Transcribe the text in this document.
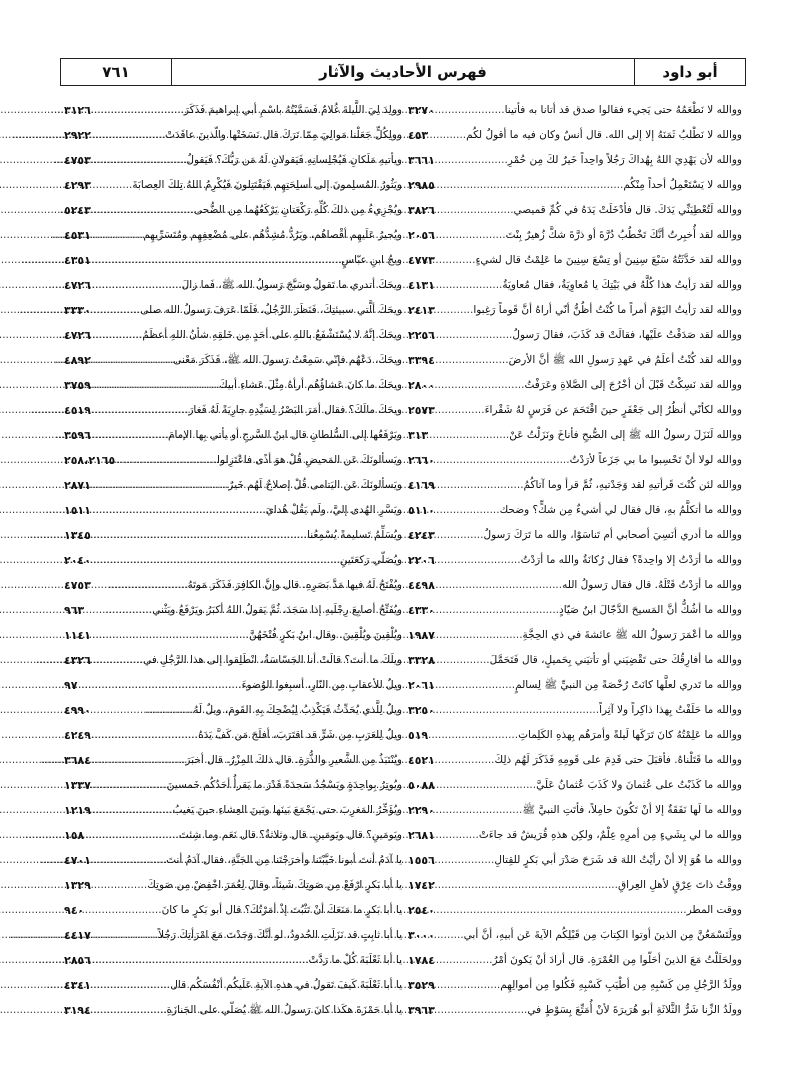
أبو داود
فهرس الأحاديث والآثار
٧٦١
ووالله لا نَطْعَمُهُ حتى يَجيء فقالوا صدق قد أتانا به فأتينا
.....
٣٢٧٠
ووالله لا نَطْلبُ ثَمَنَهُ إلا إلى الله. قال أنسٌ وكان فيه ما أقولُ لكُم
.....
٤٥٣
ووالله لأن يَهْدِيَ اللهُ بِهُداكَ رَجُلاً واحِداً خَيرٌ لكَ مِن حُمْرِ
.....
٣٦٦١
ووالله لا يَسْتَعْمِلُ أحداً مِنْكُم
.....
٢٩٨٥
ووالله لَتُعْطِيَنِّي يَدَكَ. قال فأدْخَلَتْ يَدَهُ في كُمِّ قميصي
.....
٣٨٢٦
ووالله لقد أُخبِرتُ أنَّكَ تَخْطُبُ دُرَّةَ أو ذرَّةَ شكَّ زُهيرٌ بِنْتَ
.....
٢٠٥٦
ووالله لقد حَدَّثَتُهُ سَبْعَ سِنِينَ أو تِسْعَ سِنِينَ ما عَلِمْتُ قال لشيءٍ
.....
٤٧٧٣
ووالله لقد رَأيتُ هذا كُلَّهُ في بَيْتِكَ يا مُعاوِيَةُ، فقال مُعاويَةُ
.....
٤١٣١
ووالله لقد رَأيتُ اليَوْمَ أمراً ما كُنْتُ أظُنُّ أنّي أراهُ أنَّ قَوماً رَغِبوا
.....
٢٤١٣
ووالله لقد صَدَقْتُ علَيْها، فقالَتْ قد كَذَبَ، فقالَ رَسولُ
.....
٢٢٥٦
ووالله لقد كُنْتُ أعلَمُ في عَهدِ رَسولِ الله ﷺ أنَّ الأرضَ
.....
٣٣٩٤
ووالله لقد نَسِكْتُ قَبْلَ أن أخْرُجَ إلى الصَّلاةِ وعَرَفْتُ
.....
٢٨٠٠
ووالله لكأنّي أنظُرُ إلى جَعْفَرٍ حينَ اقْتَحَمَ عن فَرَسٍ لهُ شَقْراءَ
.....
٢٥٧٣
ووالله لَنَزَلَ رسولُ الله ﷺ إلى الصُّبحِ فأناخَ ونَزَلْتُ عَنْ
.....
٣١٣
ووالله لولا أنْ تَحْسِبوا ما بي جَزَعاً لأرَدْتُ
.....
٢٦٦٠
ووالله لئن كُنْتَ قَرأتيهِ لقد وَجَدْتيهِ، ثُمَّ قرأ وما آتاكُمُ
.....
٤١٦٩
ووالله ما أتكلَّمُ بهِ، قال فقال لي أشيءٌ مِن شكٍّ؟ وضحك
.....
٥١١٠
ووالله ما أدري أنَسِيَ أصحابي أم تَناسَوْا، والله ما تَرَكَ رَسولُ
.....
٤٢٤٣
ووالله ما أرَدْتُ إلا واحِدةً؟ فقال رُكانَةُ والله ما أرَدْتُ
.....
٢٢٠٦
ووالله ما أرَدْتُ قَتْلَهُ. قال فقال رَسولُ الله
.....
٤٤٩٨
ووالله ما أشُكُّ أنَّ المَسيحَ الدَّجّالَ ابنُ صَيّادٍ
.....
٤٣٣٠
ووالله ما أعْمَرَ رَسولُ الله ﷺ عائشةَ في ذي الحِجَّةِ
.....
١٩٨٧
ووالله ما أفارِقُكَ حتى تَقْضِيَني أو تأتيَني بِحَميلٍ، قال فَتَحَمَّلَ
.....
٣٣٢٨
ووالله ما تَدري لعلَّها كانَتْ رُخْصَةً مِن النبيِّ ﷺ لِسالمٍ
.....
٢٠٦١
ووالله ما حَلَفْتُ بِهذا ذاكِراً ولا آثِراً
.....
٣٢٥٠
ووالله ما عَلِمْتُهُ كانَ تَرَكَها لَيلةً وأمرَهُم بِهذهِ الكَلِماتِ
.....
٥١٩
ووالله ما قَتَلْناهُ. فأقبَلَ حتى قَدِمَ على قَومِهِ فَذَكَرَ لَهُم ذلِكَ
.....
٤٥٢١
ووالله ما كَذَبْتُ على عُثمانَ ولا كَذَبَ عُثمانُ عَلَيَّ
.....
٥٠٨٨
ووالله ما لَها نَفَقَةٌ إلا أنْ تَكُونَ حامِلاً، فأتَتِ النبيَّ ﷺ
.....
٢٢٩٠
ووالله ما لي بِشَيءٍ مِن أمرِهِ عِلْمٌ، ولكِن هذهِ قُرَيشٌ قد جاءَتْ
.....
٢٦٨١
ووالله ما هُوَ إلا أنْ رأيْتُ اللهَ قد شَرَحَ صَدْرَ أبي بَكرٍ للقِتالِ
.....
١٥٥٦
ووقْتُ ذاتَ عِرْقٍ لأهلِ العِراقِ
.....
١٧٤٢
ووقت المطر
.....
٢٥٤٠
وولَتَسْمَعُنَّ مِن الذينَ أوتوا الكِتابَ مِن قَبْلِكُم الآيةَ عَن أبيهِ، أنَّ أبي
.....
٣٠٠٠
وولحَلَلْتُ مَعَ الذينَ أحَلّوا مِن العُمْرَةِ. قال أرادَ أنْ يَكونَ أمْرُ
.....
١٧٨٤
وولَدُ الرَّجُلِ مِن كَسْبِهِ مِن أطْيَبِ كَسْبِهِ فَكُلوا مِن أموالِهِم
.....
٣٥٢٩
وولَدُ الزِّنا شَرُّ الثَّلاثَةِ أبو هُرَيرَةَ لأنْ أُمَتِّعَ بِسَوْطٍ في
.....
٣٩٦٣
وولِدَ لِيَ اللَّيلةَ غُلامٌ فَسَمَّيْتُهُ باسْمِ أبي إبراهيمَ فَذَكَرَ
.....
٣١٢٦
وولِكُلٍّ جَعَلْنا مَوالِيَ مِمّا تَرَكَ قال نَسَخَتْها والّذينَ عاقَدَتْ
.....
٢٩٢٢
ويأتيهِ مَلَكانِ فَيُجْلِسانِهِ فَيَقولانِ لَهُ مَن رَبُّكَ؟ فَيَقولُ
.....
٤٧٥٣
ويَثُورُ المُسلِمونَ إلى أسلِحَتِهِم فَيَقْتَتِلونَ فَيُكْرِمُ اللهُ تِلكَ العِصابَةَ
.....
٤٢٩٣
ويُجْزِيءُ مِن ذلكَ كُلِّهِ رَكْعَتانِ يَرْكَعُهُما مِن الضُّحى
.....
٥٢٤٣
ويُجيرُ عَلَيهِم أقْصاهُم، ويَرُدُّ مُشِدُّهُم على مُضْعِفِهِم ومُتَسَرِّيهِم
.....
٤٥٣١
ويحُ ابنِ عبّاسٍ
.....
٤٣٥١
ويحَكَ أتدري ما تَقولُ وسَبَّحَ رَسولُ الله ﷺ، فَما زالَ
.....
٤٧٢٦
ويحَكَ ألَّتي سبيئتِكَ، فَنَظَرَ الرَّجُلُ، فَلَمّا عَرَفَ رَسولُ الله صلى
.....
٣٣٣٠
ويحَكَ إنَّهُ لا يُسْتَشْفَعُ باللهِ على أحَدٍ مِن خَلقِهِ شأنُ اللهِ أعظَمُ
.....
٤٧٢٦
ويحَكَ، دَعْهُم فإنّي سَمِعْتُ رَسولَ الله ﷺ، فَذَكَرَ مَعْنى
.....
٤٨٩٢
ويحَكَ ما كانَ عَشاؤُهُم أرأهُ مِثْلَ عَشاءِ أبيكَ
.....
٣٧٥٩
ويحَكَ مالَكَ؟ فقال أمَرَ البَصْرُ لِسَيِّدِهِ جارِيَةً لَهُ فَغارَ
.....
٤٥١٩
ويَرْفَعُها إلى السُّلطانِ قال ابنُ السَّرحِ أو يأتي بِها الإمامَ
.....
٣٥٩٦
ويَسألونَكَ عَن المَحيضِ قُلْ هوَ أذًى فاعْتَزِلوا
.....
٢٥٨،٢١٦٥
ويَسألونَكَ عَن اليَتامى قُلْ إصلاحٌ لَهُم خَيرٌ
.....
٢٨٧١
ويَسَّرِ الهُدى إليَّ، ولَم يَقُلْ هُدايَ
.....
١٥١١
ويُسَلِّمُ تَسليمةً يُسْمِعُنا
.....
١٣٤٥
ويُصَلّي رَكعَتَينِ
.....
٢٠٤٠
ويُفْتَحُ لَهُ فيها مَدَّ بَصَرِهِ. قال وإنَّ الكافِرَ فَذَكَرَ مَوتَهُ
.....
٤٧٥٣
ويُفَتِّحُ أصابِعَ رِجْلَيهِ إذا سَجَدَ، ثُمَّ يَقولُ اللهُ أكبَرُ ويَرْفَعُ ويَثْني
.....
٩٦٣
ويُلْقِينَ ويُلْقِينَ. وقال ابنُ بَكرٍ فُتْخَهُنَّ
.....
١١٤١
ويلَكَ ما أنتَ؟ قالَتْ أنا الجَسّاسَةُ، انْطَلِقوا إلى هذا الرَّجُلِ في
.....
٤٣٢٦
ويلٌ للأعقابِ مِن النّارِ، أسبِغوا الوُضوءَ
.....
٩٧
ويلٌ لِلَّذي يُحَدِّثُ فَيَكْذِبُ لِيُضْحِكَ بِهِ القَومَ، ويلٌ لَهُ
.....
٤٩٩٠
ويلٌ لِلعَرَبِ مِن شَرٍّ قد اقتَرَبَ، أفلَحَ مَن كَفَّ يَدَهُ
.....
٤٢٤٩
ويُنْتَبَذُ مِن الشَّعيرِ والذُّرَةِ. قال ذلكَ المِزْرُ. قال أخبَرَ
.....
٣٦٨٤
ويُوتِرُ بِواحِدَةٍ ويَسْجُدُ سَجدَةً قَدْرَ ما يَقرأُ أحَدُكُم خَمسينَ
.....
١٣٣٧
ويُؤَخِّرُ المَغرِبَ حتى يَجْمَعَ بَينَها وبَينَ العِشاءِ حينَ يَغيبُ
.....
١٢١٩
ويَومَينِ؟ قال ويَومَينِ. قال وثلاثةٌ؟ قال نَعَم وما شِئتَ
.....
١٥٨
يا آدَمُ أنتَ أبونا خَيَّبْتَنا وأخرَجْتَنا مِن الجَنَّةِ، فقال آدَمُ أنتَ
.....
٤٧٠١
يا أبا بَكرٍ ارْفَعْ مِن صَوتِكَ شَيئاً، وقالَ لِعُمَرَ اخْفِضْ مِن صَوتِكَ
.....
١٣٢٩
يا أبا بَكرٍ ما مَنَعَكَ أنْ تَثْبُتَ إذْ أمَرْتُكَ؟ قال أبو بَكرٍ ما كانَ
.....
٩٤٠
يا أبا ثابِتٍ قد نَزَلَتِ الحُدودُ، لو أنَّكَ وَجَدْتَ مَعَ امْرَأتِكَ رَجُلاً
.....
٤٤١٧
يا أبا ثَعْلَبَةَ كُلْ ما رَدَّتْ
.....
٢٨٥٦
يا أبا ثَعْلَبَةَ كَيفَ تَقولُ في هذهِ الآيةِ عَلَيكُم أنْفُسَكُم قال
.....
٤٣٤١
يا أبا حَمْزَةَ هكَذا كانَ رَسولُ الله ﷺ يُصَلّي على الجَنازَةِ
.....
٣١٩٤
